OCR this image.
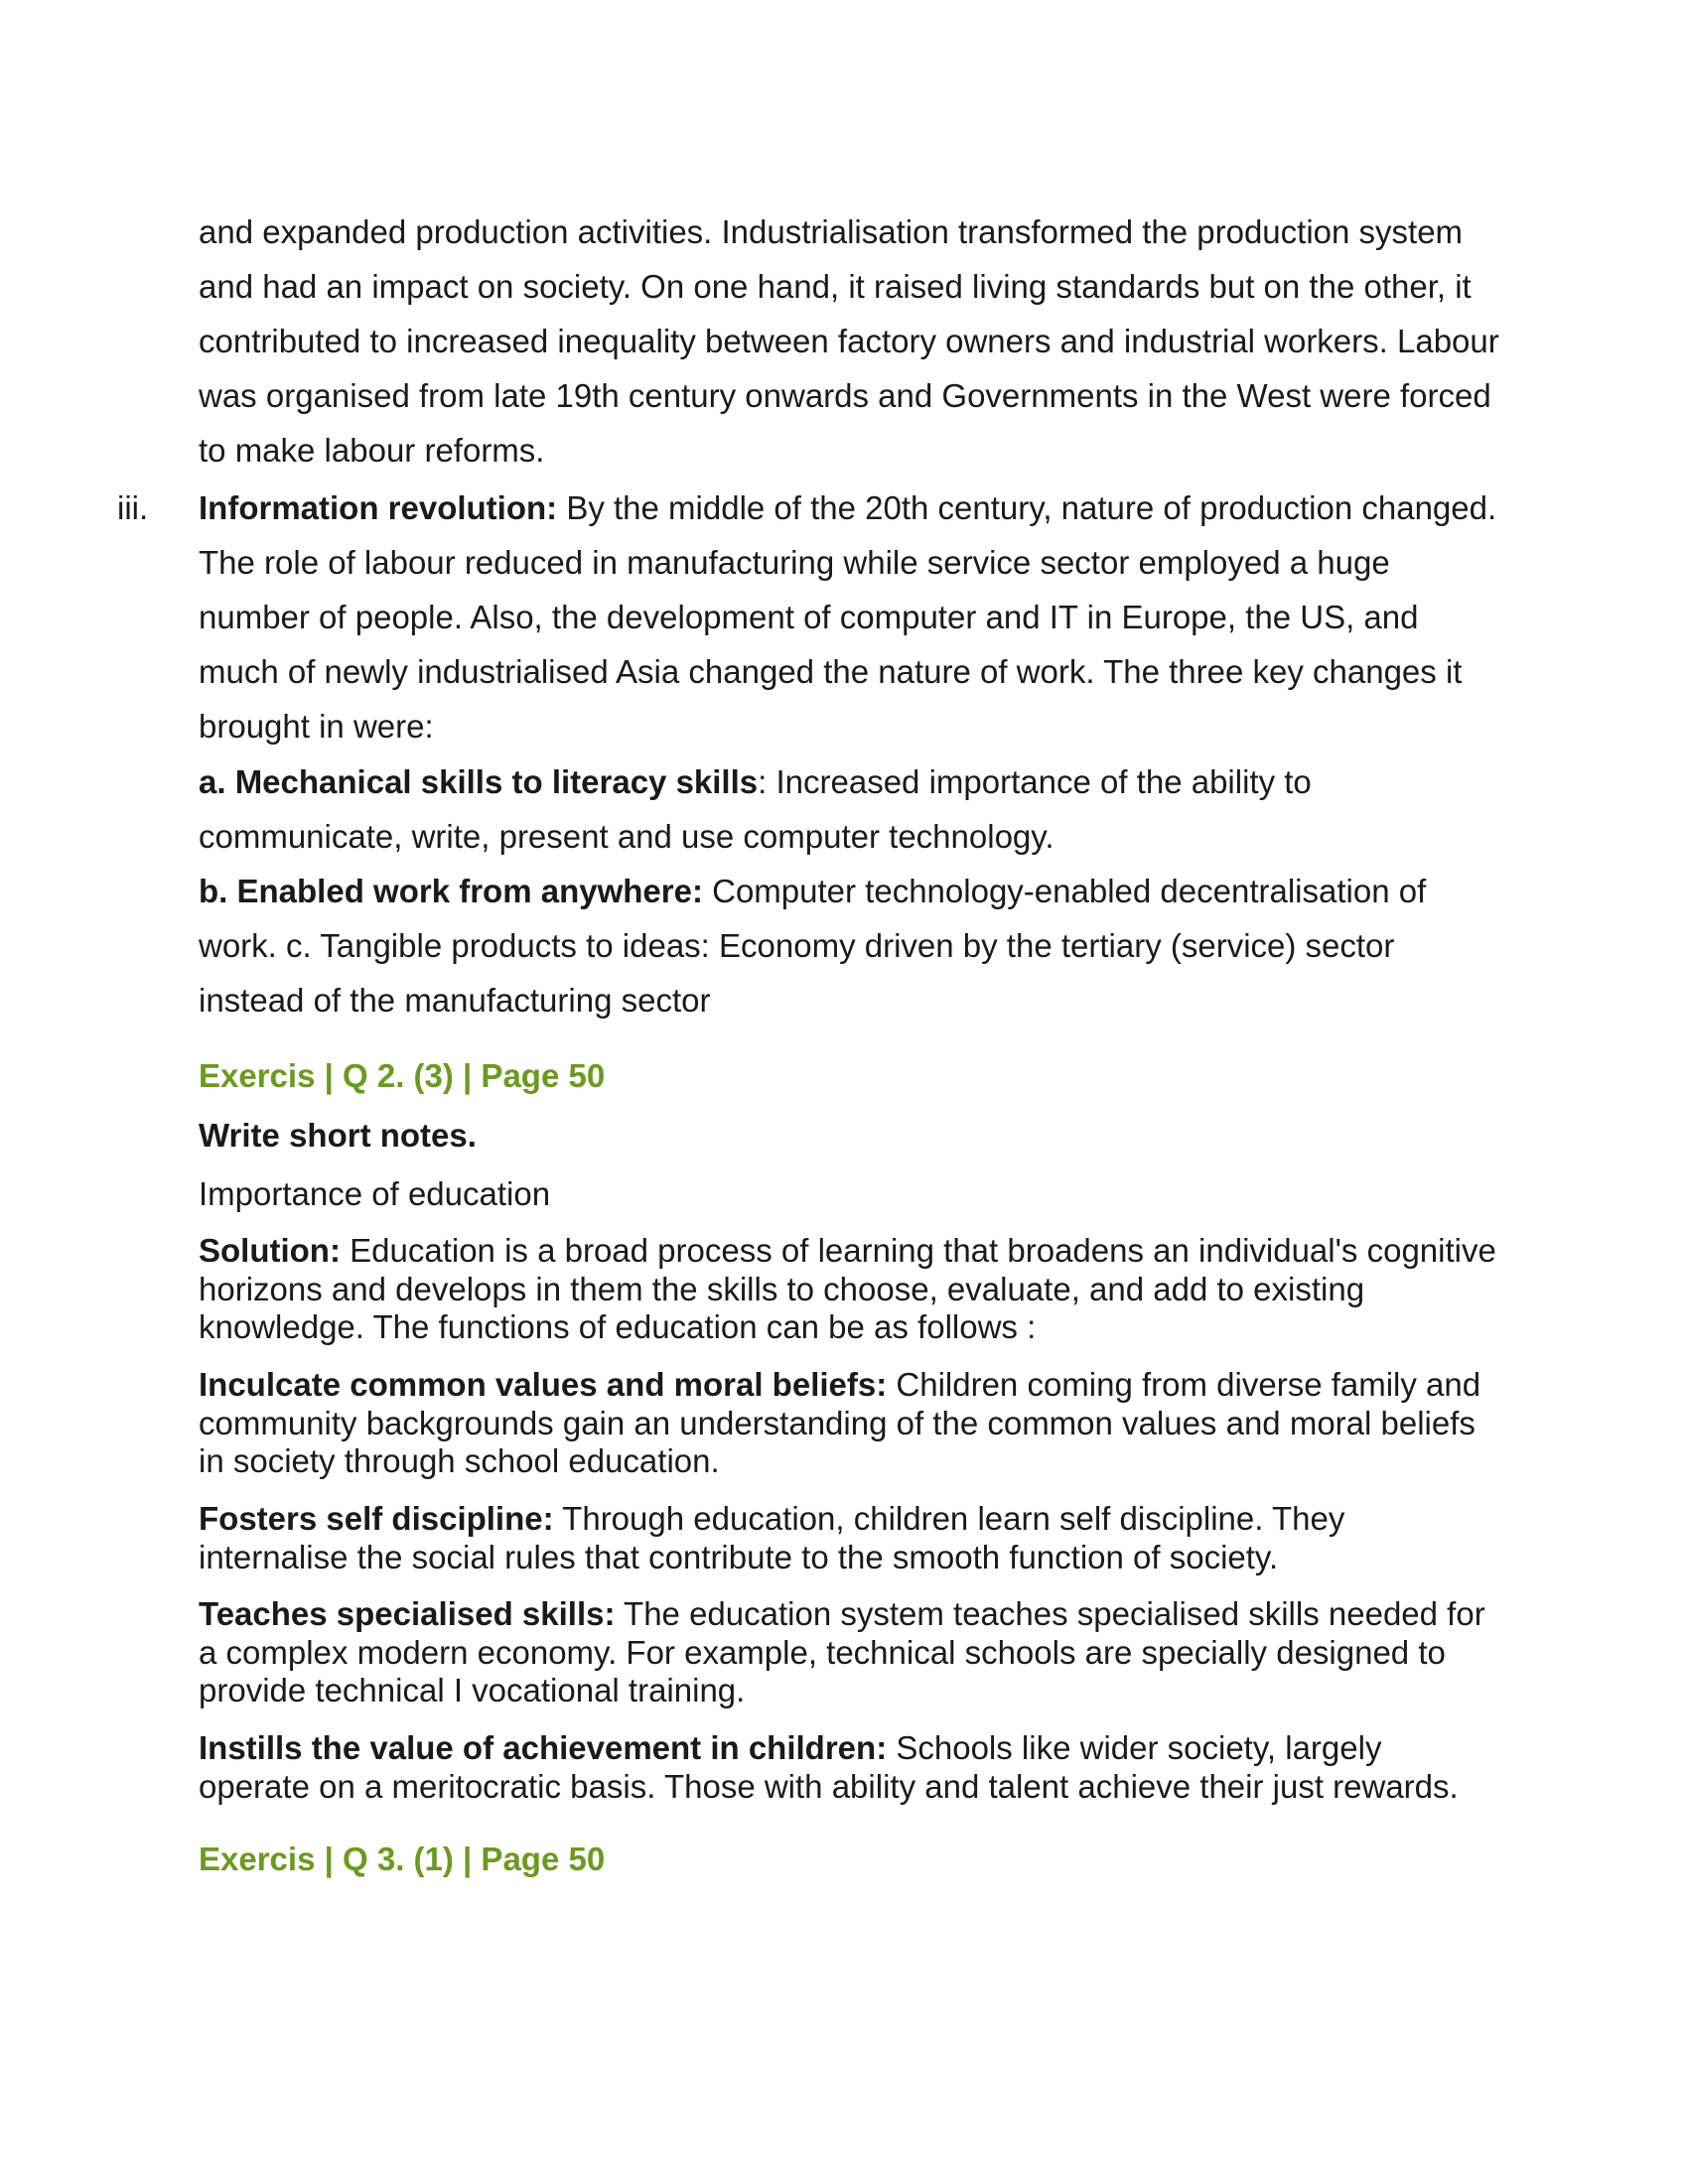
and expanded production activities. Industrialisation transformed the production system and had an impact on society. On one hand, it raised living standards but on the other, it contributed to increased inequality between factory owners and industrial workers. Labour was organised from late 19th century onwards and Governments in the West were forced to make labour reforms.
iii. Information revolution: By the middle of the 20th century, nature of production changed. The role of labour reduced in manufacturing while service sector employed a huge number of people. Also, the development of computer and IT in Europe, the US, and much of newly industrialised Asia changed the nature of work. The three key changes it brought in were:
a. Mechanical skills to literacy skills: Increased importance of the ability to communicate, write, present and use computer technology.
b. Enabled work from anywhere: Computer technology-enabled decentralisation of work. c. Tangible products to ideas: Economy driven by the tertiary (service) sector instead of the manufacturing sector
Exercis | Q 2. (3) | Page 50
Write short notes.
Importance of education
Solution: Education is a broad process of learning that broadens an individual's cognitive horizons and develops in them the skills to choose, evaluate, and add to existing knowledge. The functions of education can be as follows :
Inculcate common values and moral beliefs: Children coming from diverse family and community backgrounds gain an understanding of the common values and moral beliefs in society through school education.
Fosters self discipline: Through education, children learn self discipline. They internalise the social rules that contribute to the smooth function of society.
Teaches specialised skills: The education system teaches specialised skills needed for a complex modern economy. For example, technical schools are specially designed to provide technical I vocational training.
Instills the value of achievement in children: Schools like wider society, largely operate on a meritocratic basis. Those with ability and talent achieve their just rewards.
Exercis | Q 3. (1) | Page 50
